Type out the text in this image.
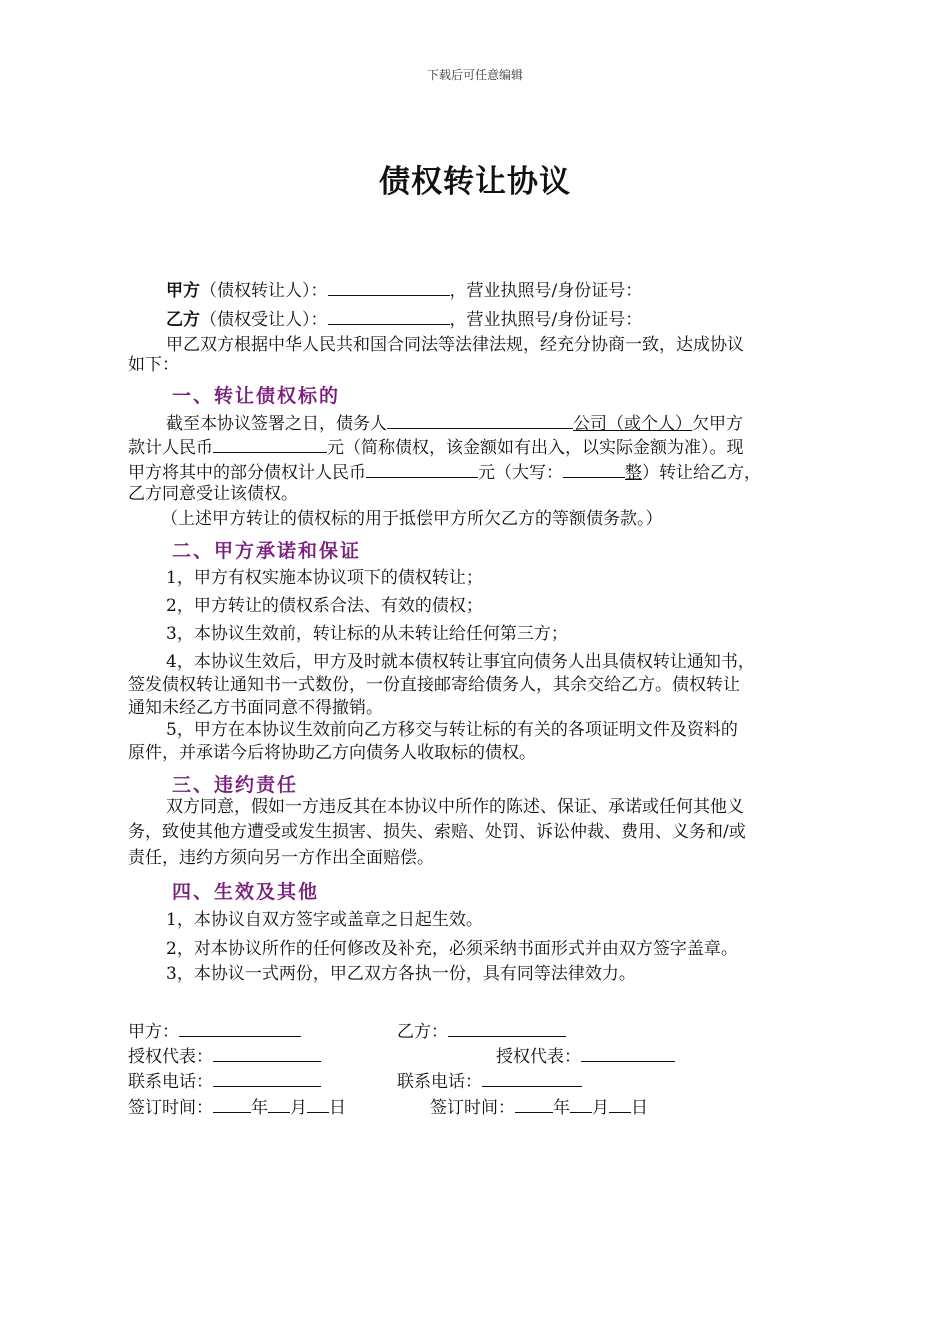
下载后可任意编辑
债权转让协议
甲方（债权转让人）：	，营业执照号/身份证号：
乙方（债权受让人）：	，营业执照号/身份证号：
甲乙双方根据中华人民共和国合同法等法律法规，经充分协商一致，达成协议
如下：
一、转让债权标的
截至本协议签署之日，债务人	公司（或个人）欠甲方
款计人民币	元（简称债权，该金额如有出入，以实际金额为准）。现
甲方将其中的部分债权计人民币	元（大写：	整）转让给乙方，
乙方同意受让该债权。
（上述甲方转让的债权标的用于抵偿甲方所欠乙方的等额债务款。）
二、甲方承诺和保证
1，甲方有权实施本协议项下的债权转让；
2，甲方转让的债权系合法、有效的债权；
3，本协议生效前，转让标的从未转让给任何第三方；
4，本协议生效后，甲方及时就本债权转让事宜向债务人出具债权转让通知书，
签发债权转让通知书一式数份，一份直接邮寄给债务人，其余交给乙方。债权转让
通知未经乙方书面同意不得撤销。
5，甲方在本协议生效前向乙方移交与转让标的有关的各项证明文件及资料的
原件，并承诺今后将协助乙方向债务人收取标的债权。
三、违约责任
双方同意，假如一方违反其在本协议中所作的陈述、保证、承诺或任何其他义
务，致使其他方遭受或发生损害、损失、索赔、处罚、诉讼仲裁、费用、义务和/或
责任，违约方须向另一方作出全面赔偿。
四、生效及其他
1，本协议自双方签字或盖章之日起生效。
2，对本协议所作的任何修改及补充，必须采纳书面形式并由双方签字盖章。
3，本协议一式两份，甲乙双方各执一份，具有同等法律效力。
甲方：	乙方：
授权代表：	授权代表：
联系电话：	联系电话：
签订时间： 年 月 日	签订时间： 年 月 日
